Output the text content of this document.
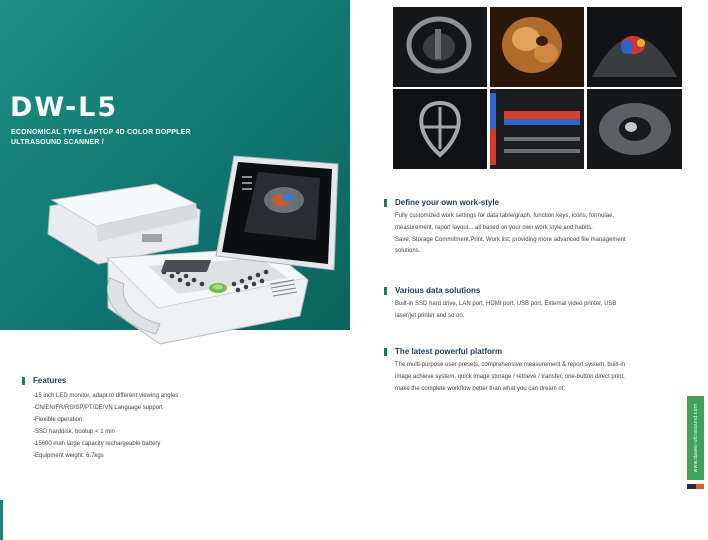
DW-L5

ECONOMICAL TYPE LAPTOP 4D COLOR DOPPLER ULTRASOUND SCANNER /

Features
-15 inch LED monitor, adapt to different viewing angles
-CN/EN/FR/RU/SP/PT/DE/VN Language support
-Flexible operation
-SSD harddisk, bootup < 1 min
-15600 mah large capacity rechargeable battery
-Equipment weight: 6.7kgs
Define your own work-style

Fully customized work settings for data table/graph, function keys, icons, formulae,

measurement, report layout... all based on your own work style and habits.

Save, Storage Commitment,Print, Work list; providing more advanced file management

solutions.

Various data solutions

Built-in SSD hard drive, LAN port, HDMI port, USB port, External video printer, USB

laser/jet printer and so on.

The latest powerful platform

The multi-purpose user presets, comprehensive measurement & report system, built-in

image achieve system, quick image storage / retrieve / transfer, one-button direct print,

make the complete workflow better than what you can dream of.

www.dawei-ultrasound.com
